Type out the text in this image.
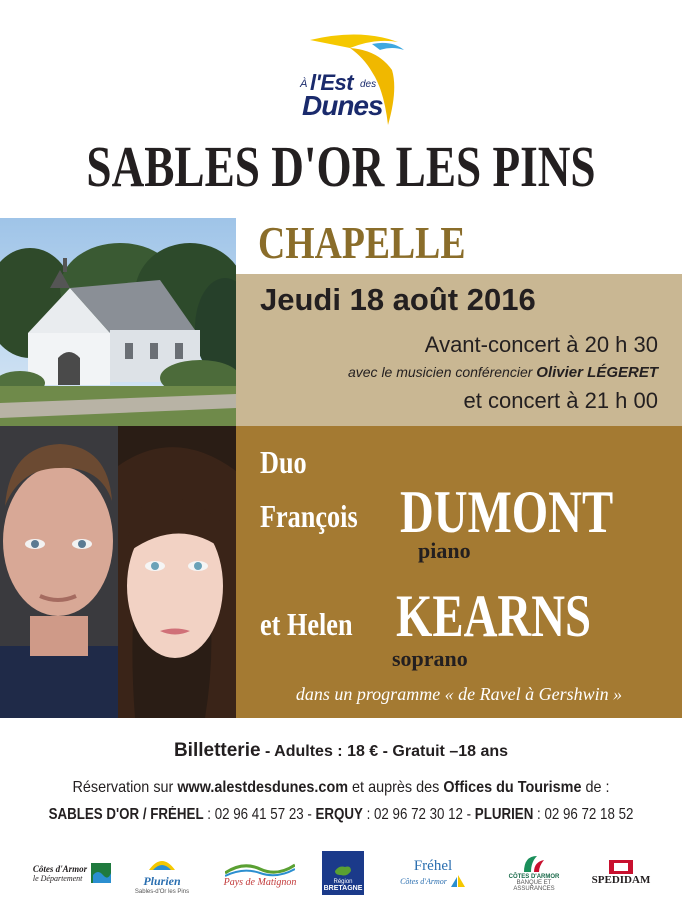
À l'Est des
Dunes
SABLES D'OR LES PINS
CHAPELLE
Jeudi 18 août 2016
Avant-concert à 20 h 30
avec le musicien conférencier Olivier LÉGERET
et concert à 21 h 00
Duo
François DUMONT
piano
et Helen KEARNS
soprano
dans un programme « de Ravel à Gershwin »
Billetterie - Adultes : 18 € - Gratuit –18 ans
Réservation sur www.alestdesdunes.com et auprès des Offices du Tourisme de :
SABLES D'OR / FRÉHEL : 02 96 41 57 23 - ERQUY : 02 96 72 30 12 - PLURIEN : 02 96 72 18 52
Côtes d'Armor
le Département	Plurien
Sables-d'Or les Pins
Pays de Matignon	Région
BRETAGNE
Fréhel
Côtes d'Armor	CÔTES D'ARMOR
BANQUE ET ASSURANCES
SPEDIDAM
